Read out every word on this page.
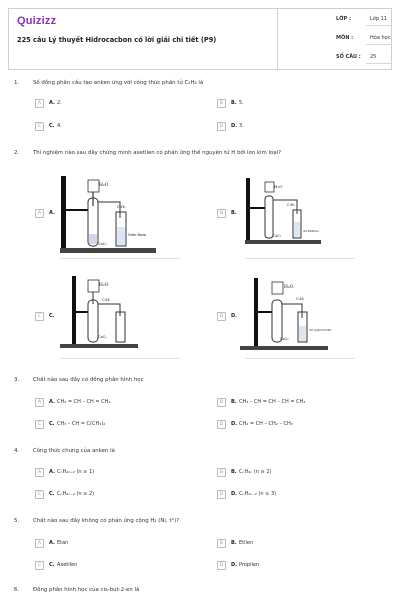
Quizizz
225 câu Lý thuyết Hidrocacbon có lời giải chi tiết (P9)
LỚP :	Lớp 11
MÔN :	Hóa học
SỐ CÂU : 25
1.	Số đồng phân cấu tạo anken ứng với công thức phân tử C₄H₈ là
A	A. 2.	B	B. 5.
C	C. 4.	D	D. 3.
2.	Thí nghiệm nào sau đây chứng minh axetilen có phản ứng thế nguyên tử H bởi ion kim loại?
A	A.	B	B.
C	C.	D	D.
H₂O
C₂H₂
CaC₂
Nước Brom
H₂O
C₂H₂
CaC₂
dd KMnO₄
H₂O
C₂H₂
CaC₂
H₂O
C₂H₂
CaC₂
dd AgNO₃/NH₃
3.	Chất nào sau đây có đồng phân hình học
A	A. CH₂ = CH – CH = CH₂	B	B. CH₃ – CH = CH – CH = CH₂
C	C. CH₃ – CH = C(CH₃)₂	D	D. CH₂ = CH – CH₂ – CH₃
4.	Công thức chung của anken là
A	A. CₙH₂ₙ₊₂ (n ≥ 1)	B	B. CₙH₂ₙ (n ≥ 2)
C	C. CₙH₂ₙ₋₂ (n ≥ 2)	D	D. CₙH₂ₙ₋₂ (n ≥ 3)
5.	Chất nào sau đây không có phản ứng cộng H₂ (Ni, t°)?
A	A. Etan	B	B. Etilen
C	C. Axetilen	D	D. Propilen
6.	Đồng phân hình học của cis-but-2-en là
